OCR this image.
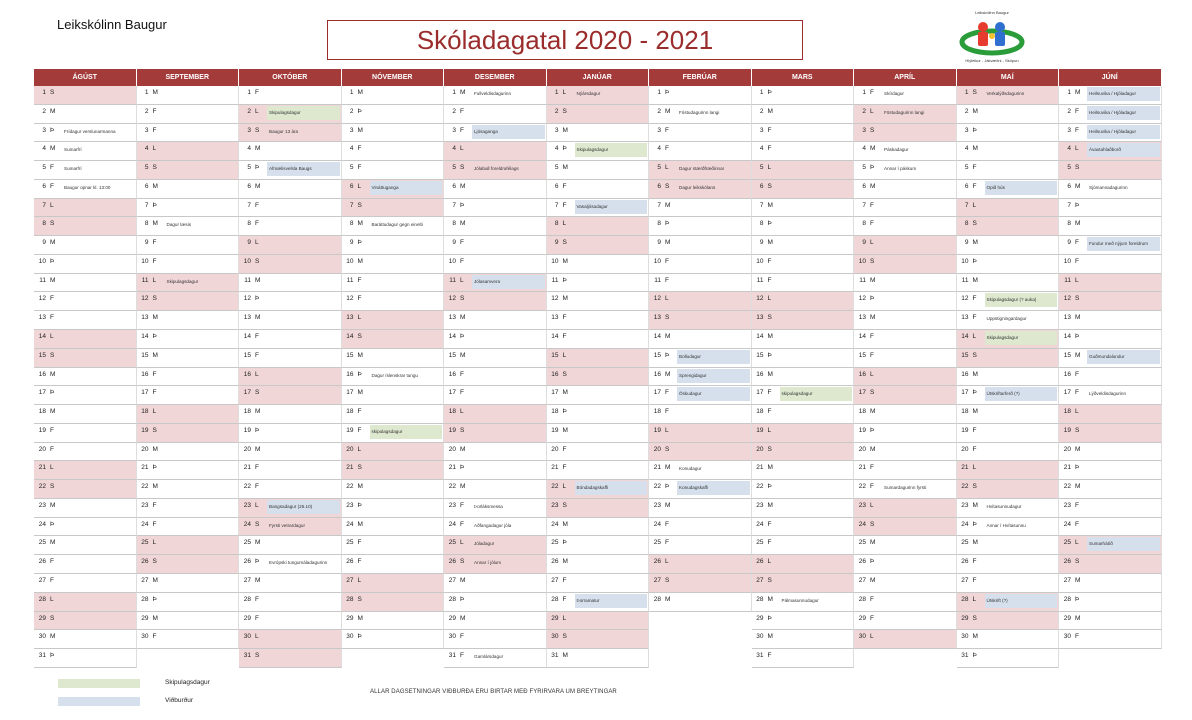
Leikskólinn Baugur
Skóladagatal 2020 - 2021
Leikskólinn Baugur
Hlýleikur - Jákvæðni - Sköpun
ÁGÚST
1 S
2 M
3 Þ	Frídagur verslunarmanna
4 M	Sumarfrí
5 F	Sumarfrí
6 F	Baugur opnar kl. 13:00
7 L
8 S
9 M
10 Þ
11 M
12 F
13 F
14 L
15 S
16 M
17 Þ
18 M
19 F
20 F
21 L
22 S
23 M
24 Þ
25 M
26 F
27 F
28 L
29 S
30 M
31 Þ
SEPTEMBER
1 M
2 F
3 F
4 L
5 S
6 M
7 Þ
8 M	Dagur læsis
9 F
10 F
11 L	Skipulagsdagur
12 S
13 M
14 Þ
15 M
16 F
17 F
18 L
19 S
20 M
21 Þ
22 M
23 F
24 F
25 L
26 S
27 M
28 Þ
29 M
30 F
OKTÓBER
1 F
2 L	Skipulagsdagur
3 S	Baugur 13 ára
4 M
5 Þ	Afmælisvelsla Baugs
6 M
7 F
8 F
9 L
10 S
11 M
12 Þ
13 M
14 F
15 F
16 L
17 S
18 M
19 Þ
20 M
21 F
22 F
23 L	Bangsadagur (25.10)
24 S	Fyrsti vetrardagur
25 M
26 Þ	Evrópski tungumáladagurinn
27 M
28 F
29 F
30 L
31 S
NÓVEMBER
1 M
2 Þ
3 M
4 F
5 F
6 L	Vináttuganga
7 S
8 M	Baráttudagur gegn einelti
9 Þ
10 M
11 F
12 F
13 L
14 S
15 M
16 Þ	Dagur íslenskrar tungu
17 M
18 F
19 F	skipulagsdagur
20 L
21 S
22 M
23 Þ
24 M
25 F
26 F
27 L
28 S
29 M
30 Þ
DESEMBER
1 M	Fullveldisdagurinn
2 F
3 F	Ljósaganga
4 L
5 S	Jólaball foreldrafélags
6 M
7 Þ
8 M
9 F
10 F
11 L	Jólasamvera
12 S
13 M
14 Þ
15 M
16 F
17 F
18 L
19 S
20 M
21 Þ
22 M
23 F	Þorláksmessa
24 F	Aðfangadagur jóla
25 L	Jóladagur
26 S	Annar í jólum
27 M
28 Þ
29 M
30 F
31 F	Gamlársdagur
JANÚAR
1 L	Nýársdagur
2 S
3 M
4 Þ	Skipulagsdagur
5 M
6 F
7 F	Vasaljósadagur
8 L
9 S
10 M
11 Þ
12 M
13 F
14 F
15 L
16 S
17 M
18 Þ
19 M
20 F
21 F
22 L	Bóndadagskaffi
23 S
24 M
25 Þ
26 M
27 F
28 F	Þorramatur
29 L
30 S
31 M
FEBRÚAR
1 Þ
2 M	Fóstudagurinn langi
3 F
4 F
5 L	Dagur stærðfræðinnar
6 S	Dagur leikskólans
7 M
8 Þ
9 M
10 F
11 F
12 L
13 S
14 M
15 Þ	Bolludagur
16 M	Sprengidagur
17 F	Öskudagur
18 F
19 L
20 S
21 M	Konudagur
22 Þ	Konudagskaffi
23 M
24 F
25 F
26 L
27 S
28 M
MARS
1 Þ
2 M
3 F
4 F
5 L
6 S
7 M
8 Þ
9 M
10 F
11 F
12 L
13 S
14 M
15 Þ
16 M
17 F	skipulagsdagur
18 F
19 L
20 S
21 M
22 Þ
23 M
24 F
25 F
26 L
27 S
28 M	Pálmasunnudagur
29 Þ
30 M
31 F
APRÍL
1 F	Skírdagur
2 L	Föstudagurinn langi
3 S
4 M	Páskadagur
5 Þ	Annar í páskum
6 M
7 F
8 F
9 L
10 S
11 M
12 Þ
13 M
14 F
15 F
16 L
17 S
18 M
19 Þ
20 M
21 F
22 F	Sumardagurinn fyrsti
23 L
24 S
25 M
26 Þ
27 M
28 F
29 F
30 L
MAÍ
1 S	Verkalýðsdagurinn
2 M
3 Þ
4 M
5 F
6 F	Opið hús
7 L
8 S
9 M
10 Þ
11 M
12 F	Skipulagsdagur (? auka)
13 F	Uppstigningardagur
14 L	Skipulagsdagur
15 S
16 M
17 Þ	Útskriftarferð (?)
18 M
19 F
20 F
21 L
22 S
23 M	Hvítasunnudagur
24 Þ	Annar í Hvítasunnu
25 M
26 F
27 F
28 L	Útskrift (?)
29 S
30 M
31 Þ
JÚNÍ
1 M	Heilsuvika / Hjóladagur
2 F	Heilsuvika / Hjóladagur
3 F	Heilsuvika / Hjóladagur
4 L	Ávaxtahlaðborð
5 S
6 M	Sjómannadagurinn
7 Þ
8 M
9 F	Fundur með nýjum foreldrum
10 F
11 L
12 S
13 M
14 Þ
15 M	Guðmundalundur
16 F
17 F	Lýðveldisdagurinn
18 L
19 S
20 M
21 Þ
22 M
23 F
24 F
25 L	Sumarhátíð
26 S
27 M
28 Þ
29 M
30 F
Skipulagsdagur
Viðburður
ALLAR DAGSETNINGAR VIÐBURÐA ERU BIRTAR MEÐ FYRIRVARA UM BREYTINGAR
